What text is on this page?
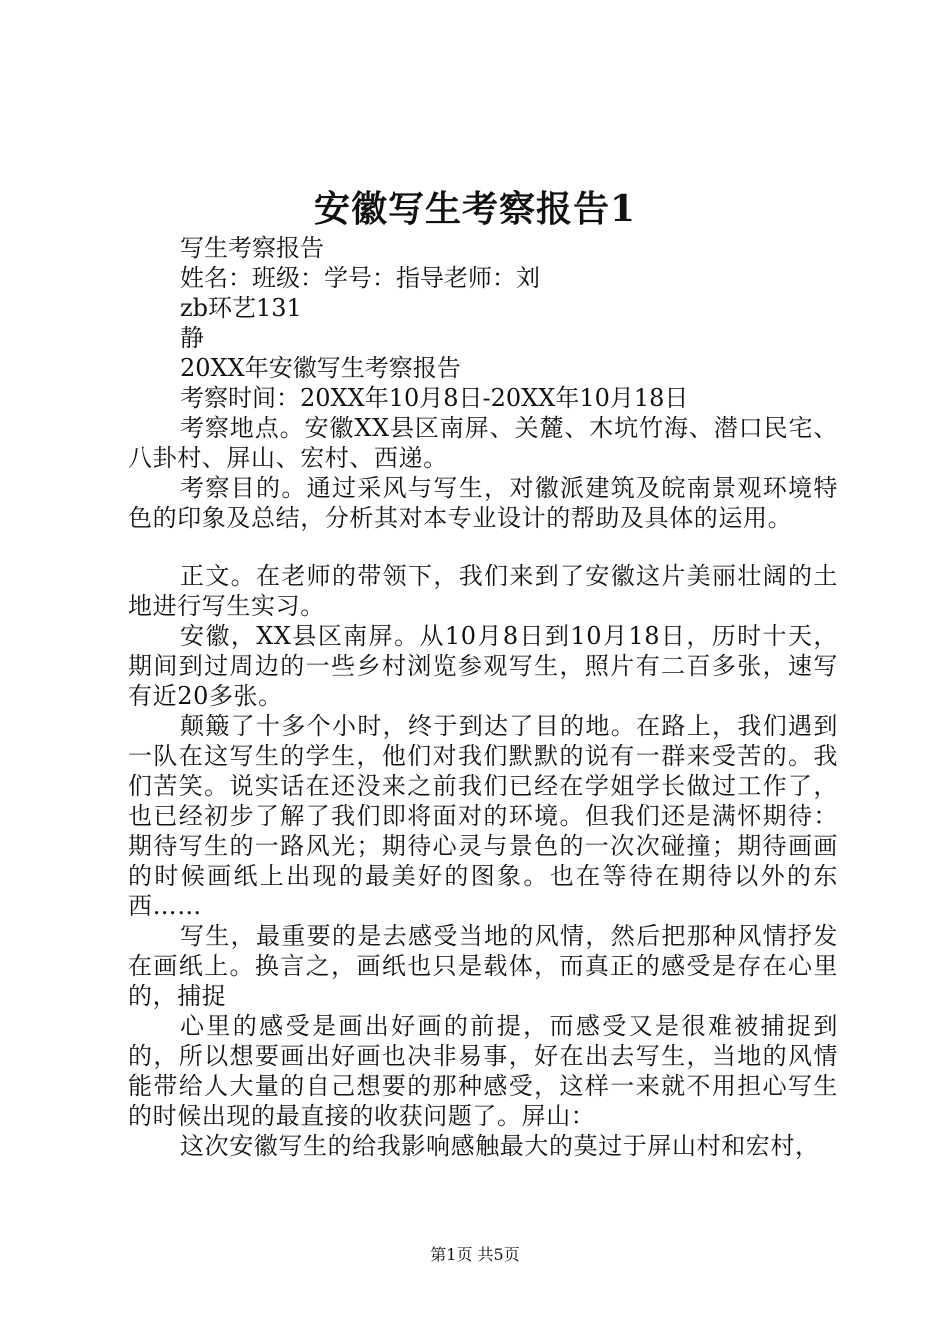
安徽写生考察报告1

写生考察报告

姓名：班级：学号：指导老师：刘

zb环艺131

静

20XX年安徽写生考察报告

考察时间：20XX年10月8日-20XX年10月18日

考察地点。安徽XX县区南屏、关麓、木坑竹海、潜口民宅、八卦村、屏山、宏村、西递。

考察目的。通过采风与写生，对徽派建筑及皖南景观环境特色的印象及总结，分析其对本专业设计的帮助及具体的运用。

正文。在老师的带领下，我们来到了安徽这片美丽壮阔的土地进行写生实习。

安徽，XX县区南屏。从10月8日到10月18日，历时十天，期间到过周边的一些乡村浏览参观写生，照片有二百多张，速写有近20多张。

颠簸了十多个小时，终于到达了目的地。在路上，我们遇到一队在这写生的学生，他们对我们默默的说有一群来受苦的。我们苦笑。说实话在还没来之前我们已经在学姐学长做过工作了，也已经初步了解了我们即将面对的环境。但我们还是满怀期待：期待写生的一路风光；期待心灵与景色的一次次碰撞；期待画画的时候画纸上出现的最美好的图象。也在等待在期待以外的东西……

写生，最重要的是去感受当地的风情，然后把那种风情抒发在画纸上。换言之，画纸也只是载体，而真正的感受是存在心里的，捕捉

心里的感受是画出好画的前提，而感受又是很难被捕捉到的，所以想要画出好画也决非易事，好在出去写生，当地的风情能带给人大量的自己想要的那种感受，这样一来就不用担心写生的时候出现的最直接的收获问题了。屏山：

这次安徽写生的给我影响感触最大的莫过于屏山村和宏村，

第1页 共5页
